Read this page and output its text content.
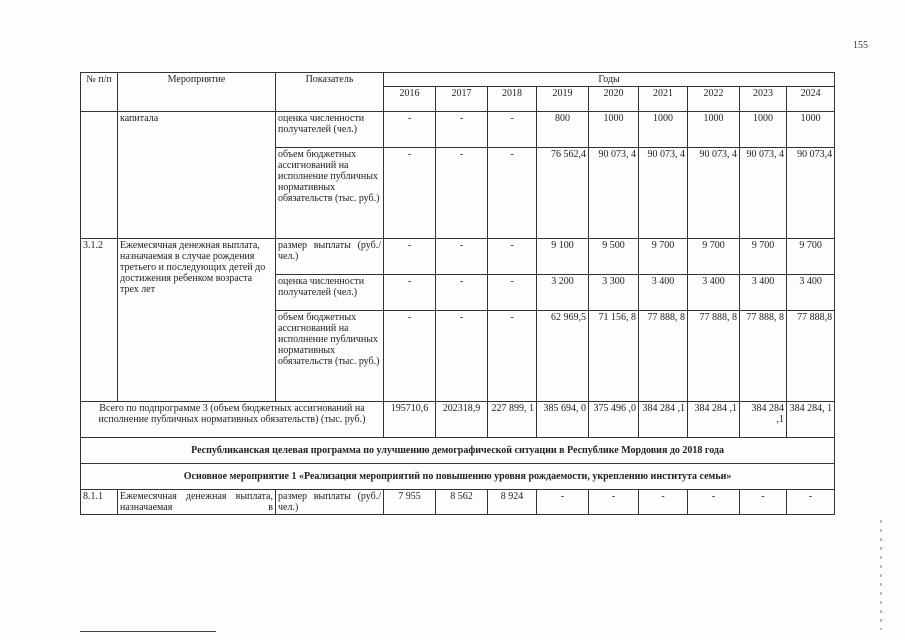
155
№ п/п	Мероприятие	Показатель	Годы								
			2016	2017	2018	2019	2020	2021	2022	2023	2024
	капитала	оценка численности получателей (чел.)	-	-	-	800	1000	1000	1000	1000	1000
		объем бюджетных ассигнований на исполнение публичных нормативных обязательств (тыс. руб.)	-	-	-	76 562,4	90 073, 4	90 073, 4	90 073, 4	90 073, 4	90 073,4
3.1.2	Ежемесячная денежная выплата, назначаемая в случае рождения третьего и последующих детей до достижения ребенком возраста трех лет	размер выплаты (руб./ чел.)	-	-	-	9 100	9 500	9 700	9 700	9 700	9 700
		оценка численности получателей (чел.)	-	-	-	3 200	3 300	3 400	3 400	3 400	3 400
		объем бюджетных ассигнований на исполнение публичных нормативных обязательств (тыс. руб.)	-	-	-	62 969,5	71 156, 8	77 888, 8	77 888, 8	77 888, 8	77 888,8
Всего по подпрограмме 3 (объем бюджетных ассигнований на исполнение публичных нормативных обязательств) (тыс. руб.)			195710,6	202318,9	227 899, 1	385 694, 0	375 496 ,0	384 284 ,1	384 284 ,1	384 284 ,1	384 284, 1
Республиканская целевая программа по улучшению демографической ситуации в Республике Мордовия до 2018 года											
Основное мероприятие 1 «Реализация мероприятий по повышению уровня рождаемости, укреплению института семьи»											
8.1.1	Ежемесячная денежная выплата, назначаемая в	размер выплаты (руб./ чел.)	7 955	8 562	8 924	-	-	-	-	-	-
